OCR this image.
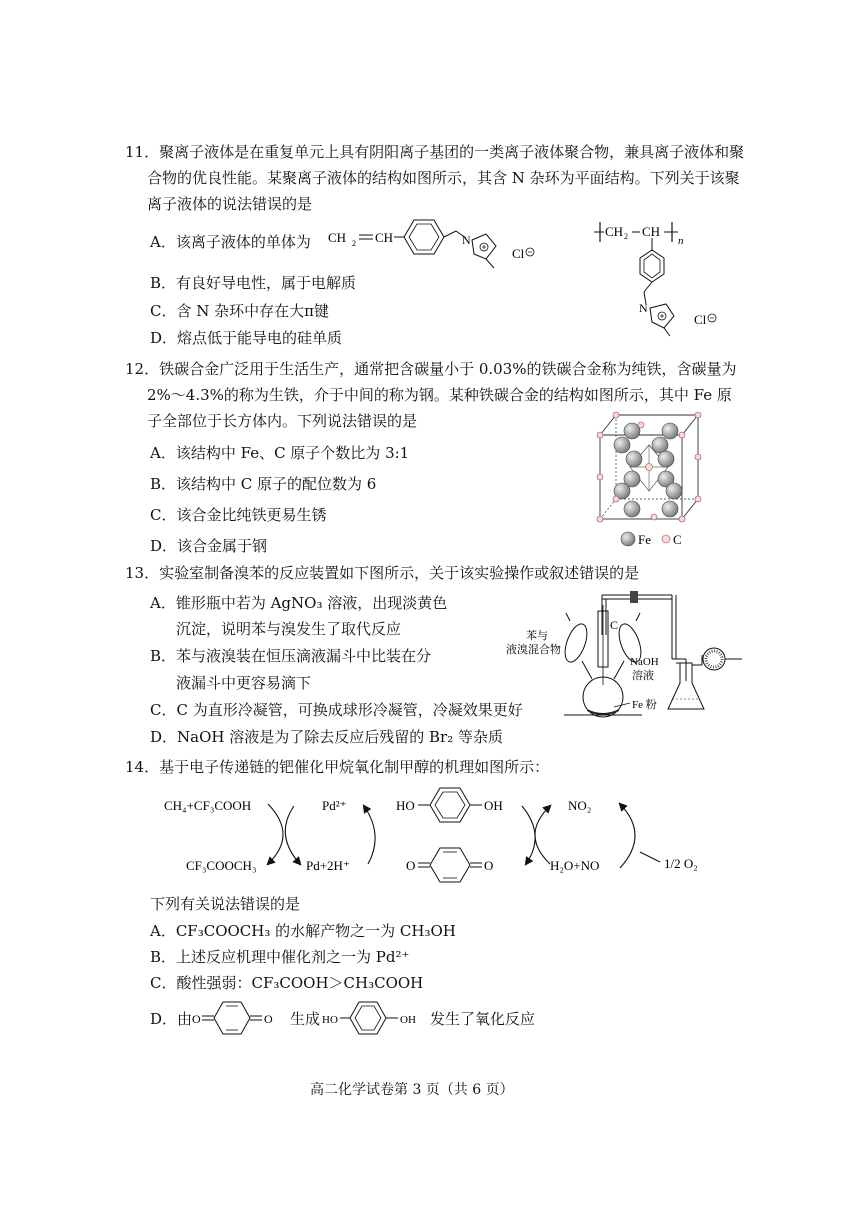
11．聚离子液体是在重复单元上具有阴阳离子基团的一类离子液体聚合物，兼具离子液体和聚
合物的优良性能。某聚离子液体的结构如图所示，其含 N 杂环为平面结构。下列关于该聚
离子液体的说法错误的是
A．该离子液体的单体为
B．有良好导电性，属于电解质
C．含 N 杂环中存在大π键
D．熔点低于能导电的硅单质
CH 2 CH	N
Cl
CH 2 CH
n
N
Cl
12．铁碳合金广泛用于生活生产，通常把含碳量小于 0.03%的铁碳合金称为纯铁，含碳量为
2%～4.3%的称为生铁，介于中间的称为钢。某种铁碳合金的结构如图所示，其中 Fe 原
子全部位于长方体内。下列说法错误的是
A．该结构中 Fe、C 原子个数比为 3:1
B．该结构中 C 原子的配位数为 6
C．该合金比纯铁更易生锈
D．该合金属于钢	Fe C
13．实验室制备溴苯的反应装置如下图所示，关于该实验操作或叙述错误的是
A．锥形瓶中若为 AgNO₃ 溶液，出现淡黄色
沉淀，说明苯与溴发生了取代反应
B．苯与液溴装在恒压滴液漏斗中比装在分
液漏斗中更容易滴下
C．C 为直形冷凝管，可换成球形冷凝管，冷凝效果更好
D．NaOH 溶液是为了除去反应后残留的 Br₂ 等杂质
C
苯与
液溴混合物
NaOH
溶液
Fe 粉
14．基于电子传递链的钯催化甲烷氧化制甲醇的机理如图所示：
CH₄+CF₃COOH
CF₃COOCH₃
Pd²⁺
Pd+2H⁺
HO	OH
O	O
NO₂
H₂O+NO	1/2 O₂
下列有关说法错误的是
A．CF₃COOCH₃ 的水解产物之一为 CH₃OH
B．上述反应机理中催化剂之一为 Pd²⁺
C．酸性强弱：CF₃COOH＞CH₃COOH
D．由 O	O 生成 HO	OH 发生了氧化反应
高二化学试卷第 3 页（共 6 页）
